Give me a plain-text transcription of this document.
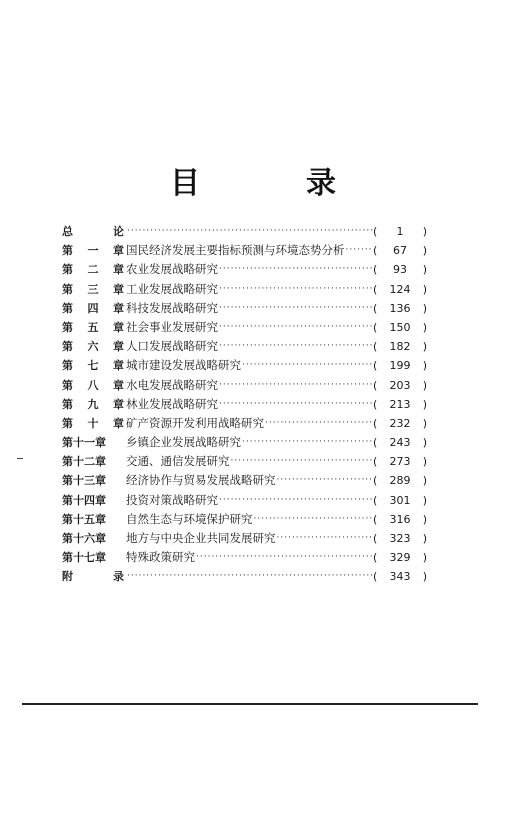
目　录
总	论 ·····	(	1	)
第 一 章 国民经济发展主要指标预测与环境态势分析 ·····	(	67	)
第 二 章 农业发展战略研究 ·····	(	93	)
第 三 章 工业发展战略研究 ·····	(	124	)
第 四 章 科技发展战略研究 ·····	(	136	)
第 五 章 社会事业发展研究 ·····	(	150	)
第 六 章 人口发展战略研究 ·····	(	182	)
第 七 章 城市建设发展战略研究 ·····	(	199	)
第 八 章 水电发展战略研究 ·····	(	203	)
第 九 章 林业发展战略研究 ·····	(	213	)
第 十 章 矿产资源开发利用战略研究 ·····	(	232	)
第十一章 乡镇企业发展战略研究 ·····	(	243	)
第十二章 交通、通信发展研究 ·····	(	273	)
第十三章 经济协作与贸易发展战略研究 ·····	(	289	)
第十四章 投资对策战略研究 ·····	(	301	)
第十五章 自然生态与环境保护研究 ·····	(	316	)
第十六章 地方与中央企业共同发展研究 ·····	(	323	)
第十七章 特殊政策研究 ·····	(	329	)
附	录 ·····	(	343	)
